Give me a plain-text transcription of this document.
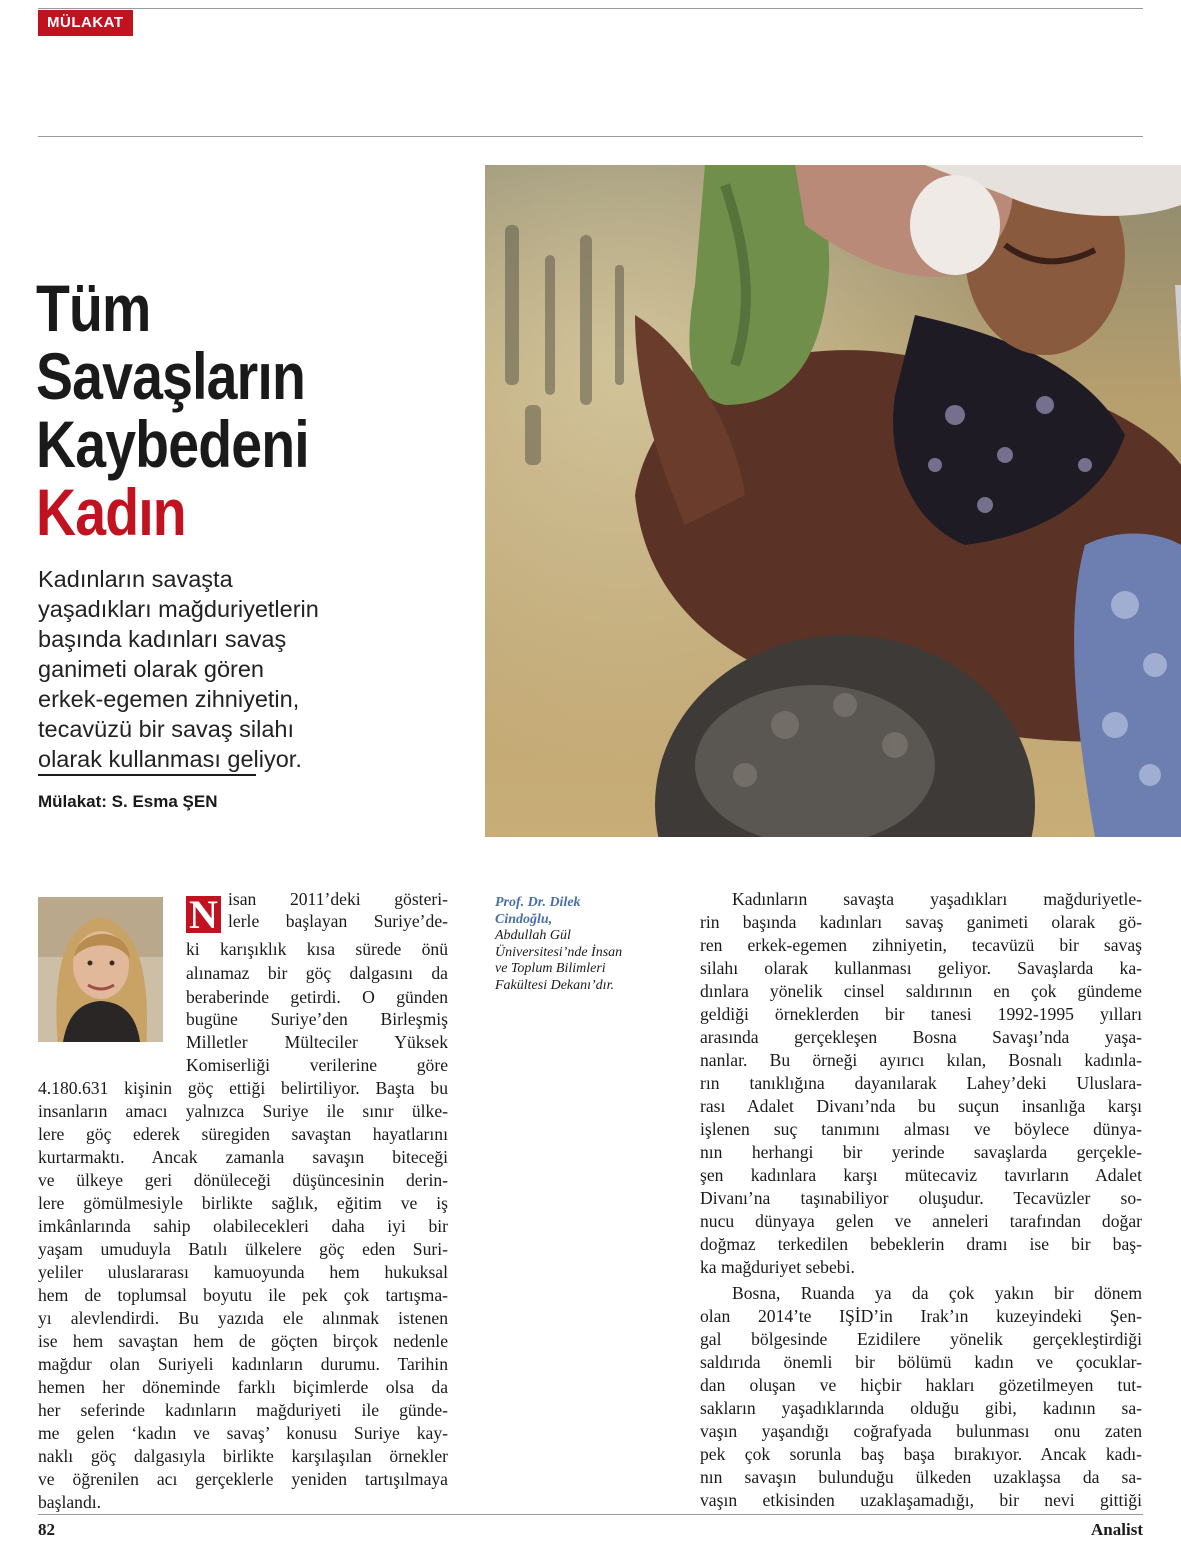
MÜLAKAT
Tüm
Savaşların
Kaybedeni
Kadın
Kadınların savaşta
yaşadıkları mağduriyetlerin
başında kadınları savaş
ganimeti olarak gören
erkek-egemen zihniyetin,
tecavüzü bir savaş silahı
olarak kullanması geliyor.
Mülakat: S. Esma ŞEN
N isan 2011’deki gösteri-
lerle başlayan Suriye’de-
ki karışıklık kısa sürede önü
alınamaz bir göç dalgasını da
beraberinde getirdi. O günden
bugüne Suriye’den Birleşmiş
Milletler Mülteciler Yüksek
Komiserliği verilerine göre
4.180.631 kişinin göç ettiği belirtiliyor. Başta bu
insanların amacı yalnızca Suriye ile sınır ülke-
lere göç ederek süregiden savaştan hayatlarını
kurtarmaktı. Ancak zamanla savaşın biteceği
ve ülkeye geri dönüleceği düşüncesinin derin-
lere gömülmesiyle birlikte sağlık, eğitim ve iş
imkânlarında sahip olabilecekleri daha iyi bir
yaşam umuduyla Batılı ülkelere göç eden Suri-
yeliler uluslararası kamuoyunda hem hukuksal
hem de toplumsal boyutu ile pek çok tartışma-
yı alevlendirdi. Bu yazıda ele alınmak istenen
ise hem savaştan hem de göçten birçok nedenle
mağdur olan Suriyeli kadınların durumu. Tarihin
hemen her döneminde farklı biçimlerde olsa da
her seferinde kadınların mağduriyeti ile günde-
me gelen ‘kadın ve savaş’ konusu Suriye kay-
naklı göç dalgasıyla birlikte karşılaşılan örnekler
ve öğrenilen acı gerçeklerle yeniden tartışılmaya
başlandı.
Prof. Dr. Dilek
Cindoğlu,
Abdullah Gül
Üniversitesi’nde İnsan
ve Toplum Bilimleri
Fakültesi Dekanı’dır.
Kadınların savaşta yaşadıkları mağduriyetle-
rin başında kadınları savaş ganimeti olarak gö-
ren erkek-egemen zihniyetin, tecavüzü bir savaş
silahı olarak kullanması geliyor. Savaşlarda ka-
dınlara yönelik cinsel saldırının en çok gündeme
geldiği örneklerden bir tanesi 1992-1995 yılları
arasında gerçekleşen Bosna Savaşı’nda yaşa-
nanlar. Bu örneği ayırıcı kılan, Bosnalı kadınla-
rın tanıklığına dayanılarak Lahey’deki Uluslara-
rası Adalet Divanı’nda bu suçun insanlığa karşı
işlenen suç tanımını alması ve böylece dünya-
nın herhangi bir yerinde savaşlarda gerçekle-
şen kadınlara karşı mütecaviz tavırların Adalet
Divanı’na taşınabiliyor oluşudur. Tecavüzler so-
nucu dünyaya gelen ve anneleri tarafından doğar
doğmaz terkedilen bebeklerin dramı ise bir baş-
ka mağduriyet sebebi.
Bosna, Ruanda ya da çok yakın bir dönem
olan 2014’te IŞİD’in Irak’ın kuzeyindeki Şen-
gal bölgesinde Ezidilere yönelik gerçekleştirdiği
saldırıda önemli bir bölümü kadın ve çocuklar-
dan oluşan ve hiçbir hakları gözetilmeyen tut-
sakların yaşadıklarında olduğu gibi, kadının sa-
vaşın yaşandığı coğrafyada bulunması onu zaten
pek çok sorunla baş başa bırakıyor. Ancak kadı-
nın savaşın bulunduğu ülkeden uzaklaşsa da sa-
vaşın etkisinden uzaklaşamadığı, bir nevi gittiği
82	Analist
